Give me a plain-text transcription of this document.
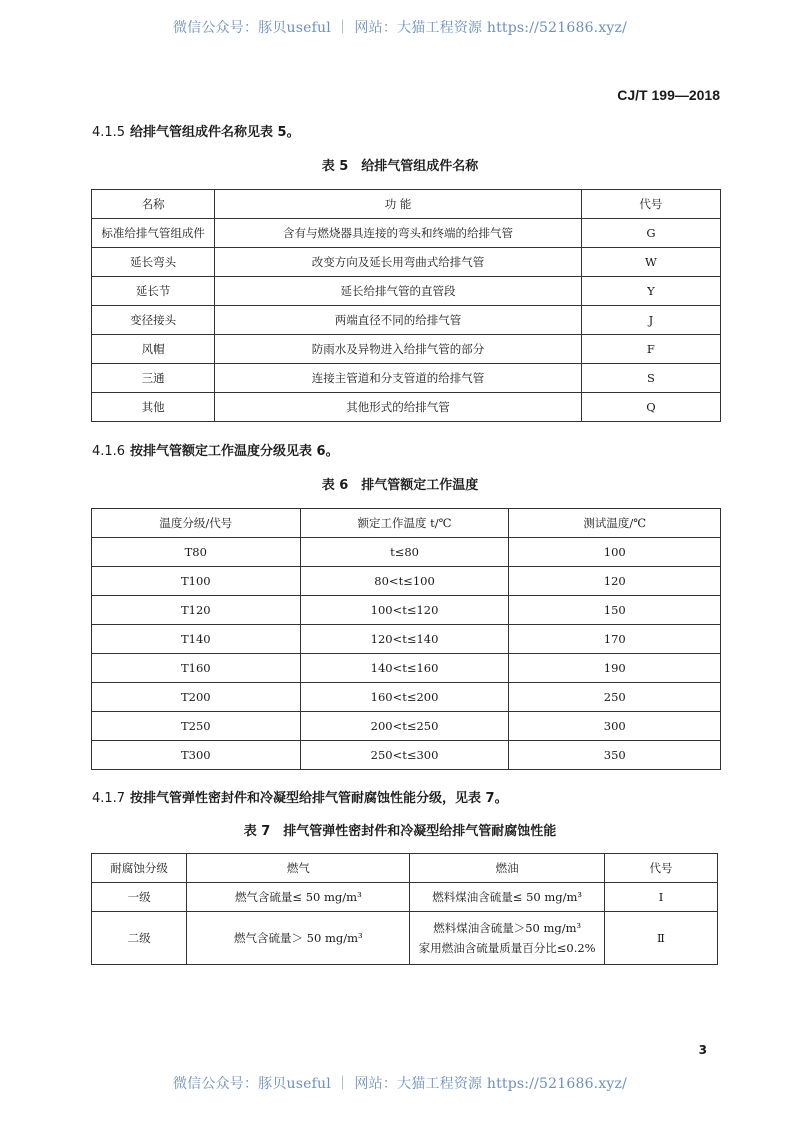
微信公众号：豚贝useful ｜ 网站：大猫工程资源 https://521686.xyz/
CJ/T 199—2018
4.1.5 给排气管组成件名称见表 5。
表 5　给排气管组成件名称
名称	功 能	代号
标准给排气管组成件	含有与燃烧器具连接的弯头和终端的给排气管	G
延长弯头	改变方向及延长用弯曲式给排气管	W
延长节	延长给排气管的直管段	Y
变径接头	两端直径不同的给排气管	J
风帽	防雨水及异物进入给排气管的部分	F
三通	连接主管道和分支管道的给排气管	S
其他	其他形式的给排气管	Q
4.1.6 按排气管额定工作温度分级见表 6。
表 6　排气管额定工作温度
温度分级/代号	额定工作温度 t/℃	测试温度/℃
T80	t≤80	100
T100	80<t≤100	120
T120	100<t≤120	150
T140	120<t≤140	170
T160	140<t≤160	190
T200	160<t≤200	250
T250	200<t≤250	300
T300	250<t≤300	350
4.1.7 按排气管弹性密封件和冷凝型给排气管耐腐蚀性能分级，见表 7。
表 7　排气管弹性密封件和冷凝型给排气管耐腐蚀性能
耐腐蚀分级	燃气	燃油	代号
一级	燃气含硫量≤ 50 mg/m³	燃料煤油含硫量≤ 50 mg/m³	Ⅰ
二级	燃气含硫量＞ 50 mg/m³	燃料煤油含硫量＞50 mg/m³
家用燃油含硫量质量百分比≤0.2%	Ⅱ
3
微信公众号：豚贝useful ｜ 网站：大猫工程资源 https://521686.xyz/
